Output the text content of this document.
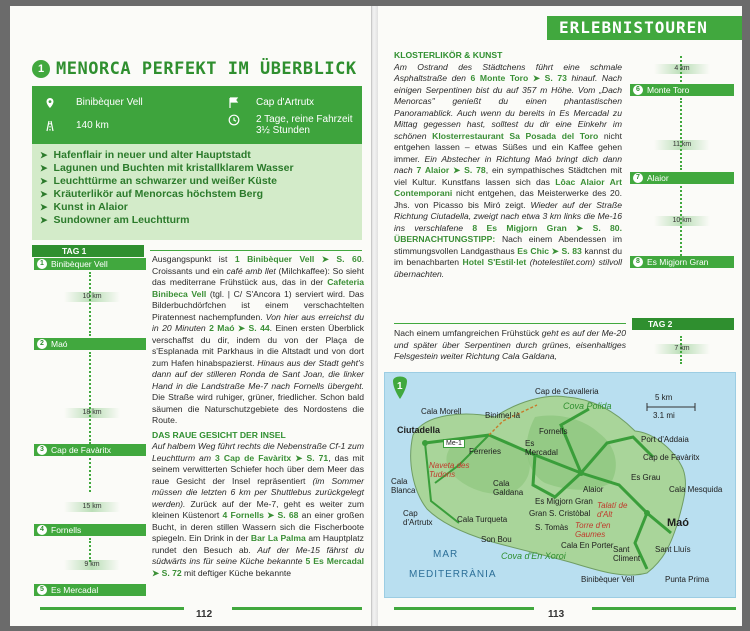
1 MENORCA PERFEKT IM ÜBERBLICK
Binibèquer Vell	Cap d'Artrutx
140 km
2 Tage, reine Fahrzeit 3½ Stunden
➤ Hafenflair in neuer und alter Hauptstadt
➤ Lagunen und Buchten mit kristallklarem Wasser
➤ Leuchttürme an schwarzer und weißer Küste
➤ Kräuterlikör auf Menorcas höchstem Berg
➤ Kunst in Alaior
➤ Sundowner am Leuchtturm
TAG 1
1 Binibèquer Vell
10 km
2 Maó
18 km
3 Cap de Favàritx
15 km
4 Fornells
9 km
5 Es Mercadal

Ausgangspunkt ist 1 Binibèquer Vell ➤ S. 60. Croissants und ein café amb llet (Milchkaffee): So sieht das mediterrane Frühstück aus, das in der Cafeteria Binibeca Vell (tgl. | C/ S'Ancora 1) serviert wird. Das Bilderbuchdörfchen ist einem verschachtelten Piratennest nachempfunden. Von hier aus erreichst du in 20 Minuten 2 Maó ➤ S. 44. Einen ersten Überblick verschaffst du dir, indem du von der Plaça de s'Esplanada mit Parkhaus in die Altstadt und von dort zum Hafen hinabspazierst. Hinaus aus der Stadt geht's dann auf der stilleren Ronda de Sant Joan, die linker Hand in die Landstraße Me-7 nach Fornells übergeht. Die Straße wird ruhiger, grüner, friedlicher. Schon bald säumen die Naturschutzgebiete des Nordostens die Route.

DAS RAUE GESICHT DER INSEL

Auf halbem Weg führt rechts die Nebenstraße Cf-1 zum Leuchtturm am 3 Cap de Favàritx ➤ S. 71, das mit seinem verwitterten Schiefer hoch über dem Meer das raue Gesicht der Insel repräsentiert (im Sommer müssen die letzten 6 km per Shuttlebus zurückgelegt werden). Zurück auf der Me-7, geht es weiter zum kleinen Küstenort 4 Fornells ➤ S. 68 an einer großen Bucht, in deren stillen Wassern sich die Fischerboote spiegeln. Ein Drink in der Bar La Palma am Hauptplatz rundet den Besuch ab. Auf der Me-15 fährst du südwärts ins für seine Küche bekannte 5 Es Mercadal ➤ S. 72 mit deftiger Küche bekannte

112
ERLEBNISTOUREN
KLOSTERLIKÖR & KUNST

Am Ostrand des Städtchens führt eine schmale Asphaltstraße den 6 Monte Toro ➤ S. 73 hinauf. Nach einigen Serpentinen bist du auf 357 m Höhe. Vom „Dach Menorcas" genießt du einen phantastischen Panoramablick. Auch wenn du bereits in Es Mercadal zu Mittag gegessen hast, solltest du dir eine Einkehr im schönen Klosterrestaurant Sa Posada del Toro nicht entgehen lassen – etwas Süßes und ein Kaffee gehen immer. Ein Abstecher in Richtung Maó bringt dich dann nach 7 Alaior ➤ S. 78, ein sympathisches Städtchen mit viel Kultur. Kunstfans lassen sich das Lôac Alaior Art Contemporani nicht entgehen, das Meisterwerke des 20. Jhs. von Picasso bis Miró zeigt. Wieder auf der Straße Richtung Ciutadella, zweigt nach etwa 3 km links die Me-16 ins verschlafene 8 Es Migjorn Gran ➤ S. 80. ÜBERNACHTUNGSTIPP: Nach einem Abendessen im stimmungsvollen Landgasthaus Es Chic ➤ S. 83 kannst du im benachbarten Hotel S'Estil·let (hotelestilet.com) stilvoll übernachten.

TAG 2

Nach einem umfangreichen Frühstück geht es auf der Me-20 und später über Serpentinen durch grünes, eisenhaltiges Felsgestein weiter Richtung Cala Galdana,

4 km
6 Monte Toro
11 km
7 Alaior
10 km
8 Es Migjorn Gran
7 km
1
5 km
3.1 mi
Cap de Cavalleria
Cova Polida
Cala Morell	Binimel·là
Fornells
Ciutadella
Me-1
Ferreries
Es Mercadal
Port d'Addaia
Cap de Favàritx
Naveta des Tudons
Cala Blanca
Es Grau
Cala Galdana
Es Migjorn Gran
Alaior	Cala Mesquida
Cap d'Artrutx	Cala Turqueta
Gran S. Cristòbal
Talatí de d'Alt
Torre d'en Gaumes
Maó
Son Bou
S. Tomàs
Cala En Porter
Cova d'En Xoroi
Sant Climent
Sant Lluís
MAR
MEDITERRÀNIA	Binibèquer Vell	Punta Prima
113
